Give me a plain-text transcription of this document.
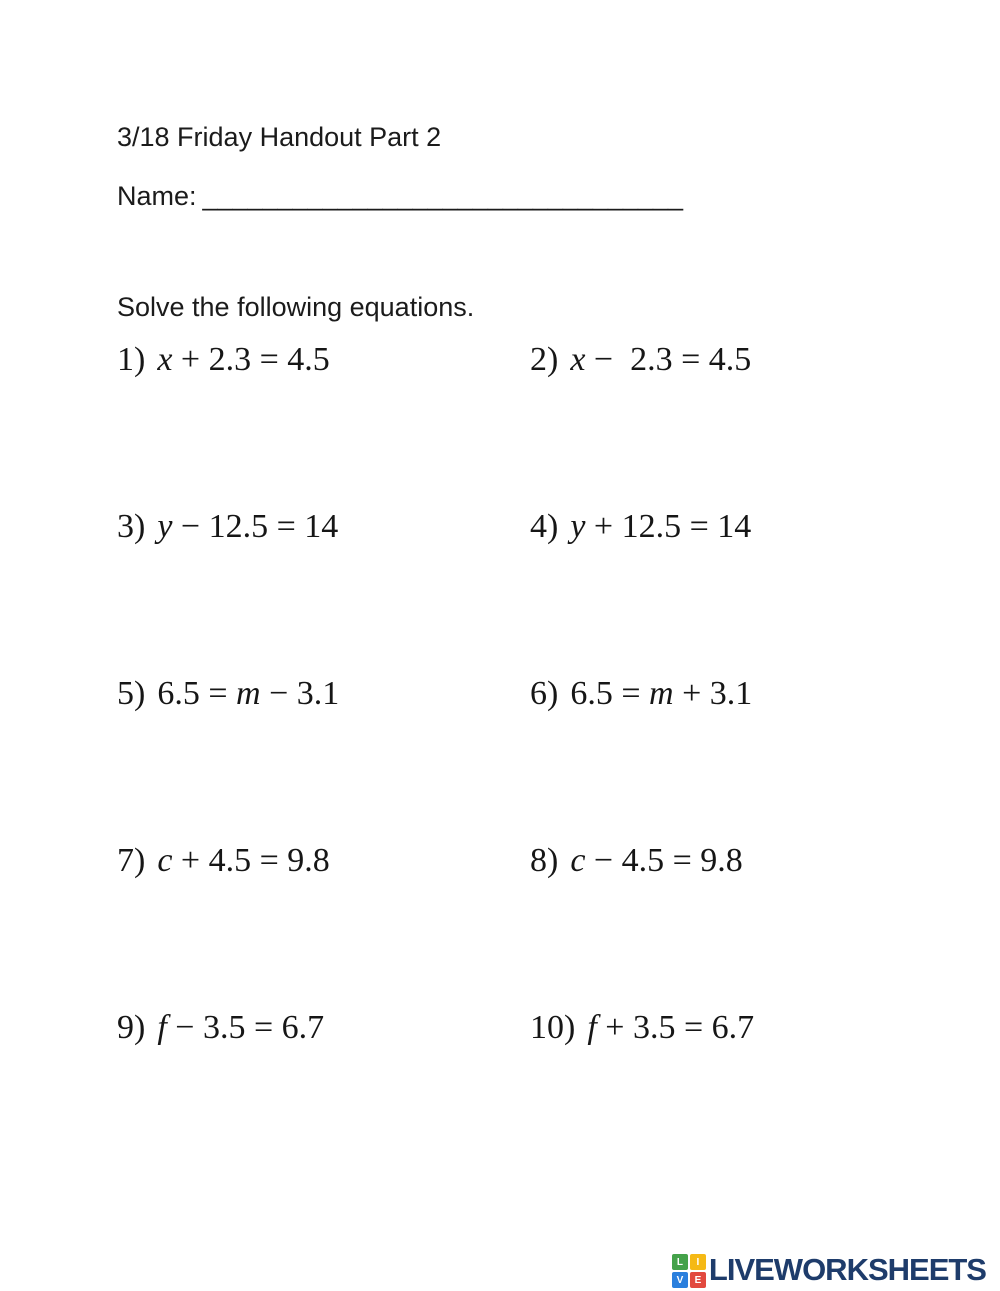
3/18 Friday Handout Part 2
Name: ________________________________
Solve the following equations.
1) x + 2.3 = 4.5	2) x −  2.3 = 4.5
3) y − 12.5 = 14	4) y + 12.5 = 14
5) 6.5 = m − 3.1	6) 6.5 = m + 3.1
7) c + 4.5 = 9.8	8) c − 4.5 = 9.8
9) f − 3.5 = 6.7	10) f + 3.5 = 6.7
L	I
V	E LIVEWORKSHEETS
